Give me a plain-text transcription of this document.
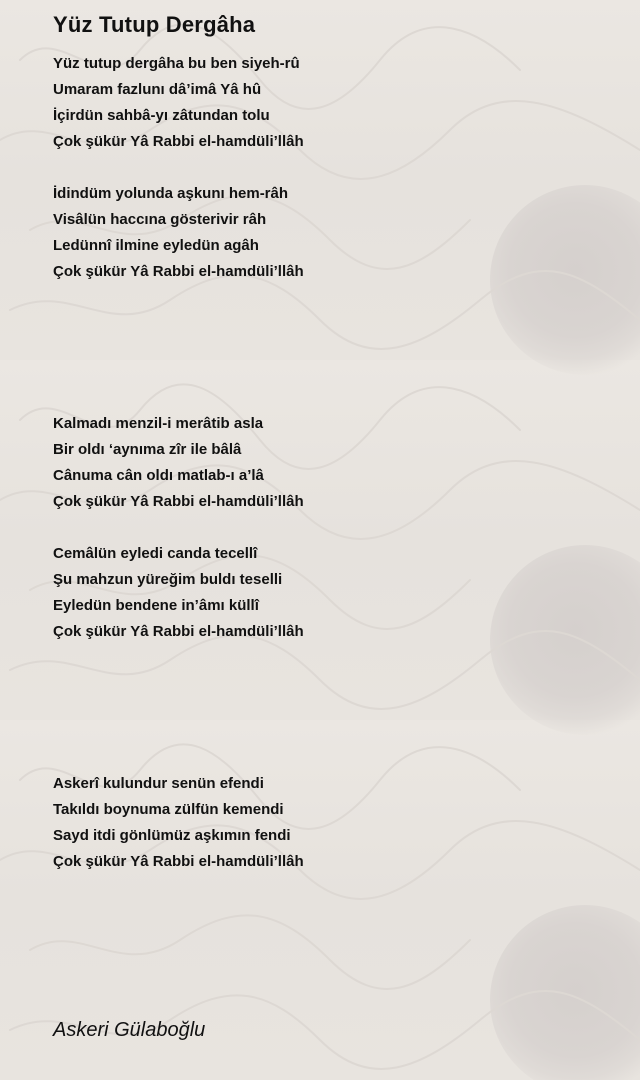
Yüz Tutup Dergâha
Yüz tutup dergâha bu ben siyeh-rû
Umaram fazlunı dâ’imâ Yâ hû
İçirdün sahbâ-yı zâtundan tolu
Çok şükür Yâ Rabbi el-hamdüli’llâh
İdindüm yolunda aşkunı hem-râh
Visâlün haccına gösterivir râh
Ledünnî ilmine eyledün agâh
Çok şükür Yâ Rabbi el-hamdüli’llâh
Kalmadı menzil-i merâtib asla
Bir oldı ‘aynıma zîr ile bâlâ
Cânuma cân oldı matlab-ı a’lâ
Çok şükür Yâ Rabbi el-hamdüli’llâh
Cemâlün eyledi canda tecellî
Şu mahzun yüreğim buldı teselli
Eyledün bendene in’âmı küllî
Çok şükür Yâ Rabbi el-hamdüli’llâh
Askerî kulundur senün efendi
Takıldı boynuma zülfün kemendi
Sayd itdi gönlümüz aşkımın fendi
Çok şükür Yâ Rabbi el-hamdüli’llâh
Askeri Gülaboğlu
